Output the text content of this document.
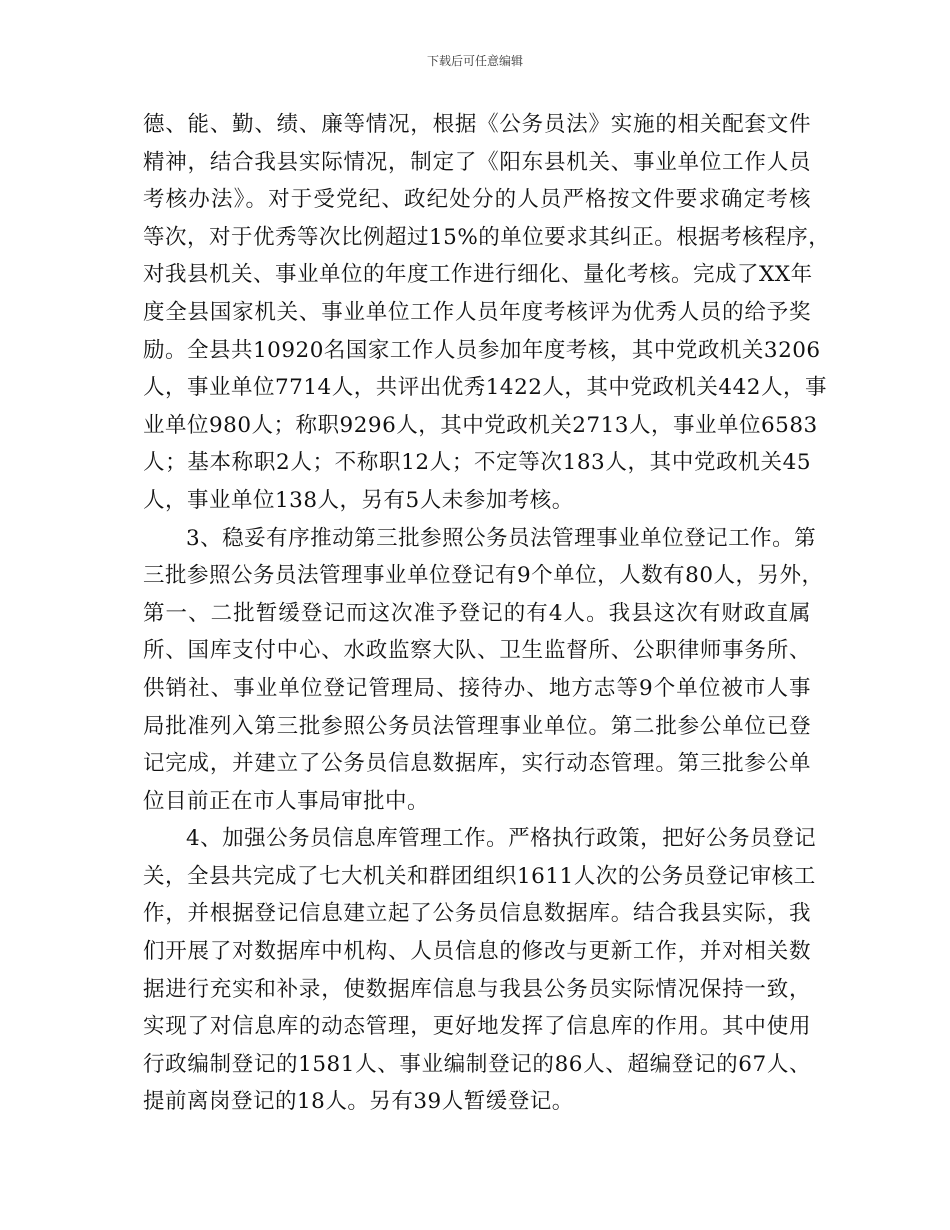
下载后可任意编辑
德、能、勤、绩、廉等情况，根据《公务员法》实施的相关配套文件
精神，结合我县实际情况，制定了《阳东县机关、事业单位工作人员
考核办法》。对于受党纪、政纪处分的人员严格按文件要求确定考核
等次，对于优秀等次比例超过15%的单位要求其纠正。根据考核程序，
对我县机关、事业单位的年度工作进行细化、量化考核。完成了XX年
度全县国家机关、事业单位工作人员年度考核评为优秀人员的给予奖
励。全县共10920名国家工作人员参加年度考核，其中党政机关3206
人，事业单位7714人，共评出优秀1422人，其中党政机关442人，事
业单位980人；称职9296人，其中党政机关2713人，事业单位6583
人；基本称职2人；不称职12人；不定等次183人，其中党政机关45
人，事业单位138人，另有5人未参加考核。
3、稳妥有序推动第三批参照公务员法管理事业单位登记工作。第
三批参照公务员法管理事业单位登记有9个单位，人数有80人，另外，
第一、二批暂缓登记而这次准予登记的有4人。我县这次有财政直属
所、国库支付中心、水政监察大队、卫生监督所、公职律师事务所、
供销社、事业单位登记管理局、接待办、地方志等9个单位被市人事
局批准列入第三批参照公务员法管理事业单位。第二批参公单位已登
记完成，并建立了公务员信息数据库，实行动态管理。第三批参公单
位目前正在市人事局审批中。
4、加强公务员信息库管理工作。严格执行政策，把好公务员登记
关，全县共完成了七大机关和群团组织1611人次的公务员登记审核工
作，并根据登记信息建立起了公务员信息数据库。结合我县实际，我
们开展了对数据库中机构、人员信息的修改与更新工作，并对相关数
据进行充实和补录，使数据库信息与我县公务员实际情况保持一致，
实现了对信息库的动态管理，更好地发挥了信息库的作用。其中使用
行政编制登记的1581人、事业编制登记的86人、超编登记的67人、
提前离岗登记的18人。另有39人暂缓登记。
